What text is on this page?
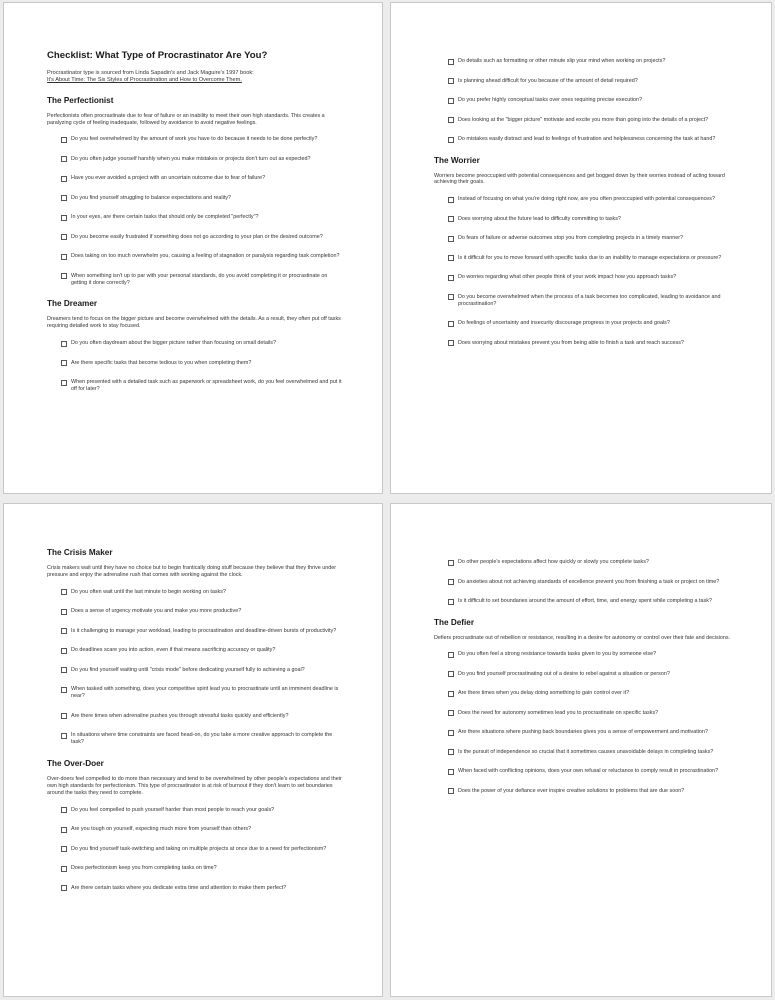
Checklist: What Type of Procrastinator Are You?
Procrastinator type is sourced from Linda Sapadin's and Jack Maguire's 1997 book:
It's About Time: The Six Styles of Procrastination and How to Overcome Them.
The Perfectionist
Perfectionists often procrastinate due to fear of failure or an inability to meet their own high standards. This creates a paralyzing cycle of feeling inadequate, followed by avoidance to avoid negative feelings.
Do you feel overwhelmed by the amount of work you have to do because it needs to be done perfectly?
Do you often judge yourself harshly when you make mistakes or projects don't turn out as expected?
Have you ever avoided a project with an uncertain outcome due to fear of failure?
Do you find yourself struggling to balance expectations and reality?
In your eyes, are there certain tasks that should only be completed "perfectly"?
Do you become easily frustrated if something does not go according to your plan or the desired outcome?
Does taking on too much overwhelm you, causing a feeling of stagnation or paralysis regarding task completion?
When something isn't up to par with your personal standards, do you avoid completing it or procrastinate on getting it done correctly?
The Dreamer
Dreamers tend to focus on the bigger picture and become overwhelmed with the details. As a result, they often put off tasks requiring detailed work to stay focused.
Do you often daydream about the bigger picture rather than focusing on small details?
Are there specific tasks that become tedious to you when completing them?
When presented with a detailed task such as paperwork or spreadsheet work, do you feel overwhelmed and put it off for later?
Do details such as formatting or other minute slip your mind when working on projects?
Is planning ahead difficult for you because of the amount of detail required?
Do you prefer highly conceptual tasks over ones requiring precise execution?
Does looking at the "bigger picture" motivate and excite you more than going into the details of a project?
Do mistakes easily distract and lead to feelings of frustration and helplessness concerning the task at hand?
The Worrier
Worriers become preoccupied with potential consequences and get bogged down by their worries instead of acting toward achieving their goals.
Instead of focusing on what you're doing right now, are you often preoccupied with potential consequences?
Does worrying about the future lead to difficulty committing to tasks?
Do fears of failure or adverse outcomes stop you from completing projects in a timely manner?
Is it difficult for you to move forward with specific tasks due to an inability to manage expectations or pressure?
Do worries regarding what other people think of your work impact how you approach tasks?
Do you become overwhelmed when the process of a task becomes too complicated, leading to avoidance and procrastination?
Do feelings of uncertainty and insecurity discourage progress in your projects and goals?
Does worrying about mistakes prevent you from being able to finish a task and reach success?
The Crisis Maker
Crisis makers wait until they have no choice but to begin frantically doing stuff because they believe that they thrive under pressure and enjoy the adrenaline rush that comes with working against the clock.
Do you often wait until the last minute to begin working on tasks?
Does a sense of urgency motivate you and make you more productive?
Is it challenging to manage your workload, leading to procrastination and deadline-driven bursts of productivity?
Do deadlines scare you into action, even if that means sacrificing accuracy or quality?
Do you find yourself waiting until "crisis mode" before dedicating yourself fully to achieving a goal?
When tasked with something, does your competitive spirit lead you to procrastinate until an imminent deadline is near?
Are there times when adrenaline pushes you through stressful tasks quickly and efficiently?
In situations where time constraints are faced head-on, do you take a more creative approach to complete the task?
The Over-Doer
Over-doers feel compelled to do more than necessary and tend to be overwhelmed by other people's expectations and their own high standards for perfectionism. This type of procrastinator is at risk of burnout if they don't learn to set boundaries around the tasks they need to complete.
Do you feel compelled to push yourself harder than most people to reach your goals?
Are you tough on yourself, expecting much more from yourself than others?
Do you find yourself task-switching and taking on multiple projects at once due to a need for perfectionism?
Does perfectionism keep you from completing tasks on time?
Are there certain tasks where you dedicate extra time and attention to make them perfect?
Do other people's expectations affect how quickly or slowly you complete tasks?
Do anxieties about not achieving standards of excellence prevent you from finishing a task or project on time?
Is it difficult to set boundaries around the amount of effort, time, and energy spent while completing a task?
The Defier
Defiers procrastinate out of rebellion or resistance, resulting in a desire for autonomy or control over their fate and decisions.
Do you often feel a strong resistance towards tasks given to you by someone else?
Do you find yourself procrastinating out of a desire to rebel against a situation or person?
Are there times when you delay doing something to gain control over it?
Does the need for autonomy sometimes lead you to procrastinate on specific tasks?
Are there situations where pushing back boundaries gives you a sense of empowerment and motivation?
Is the pursuit of independence so crucial that it sometimes causes unavoidable delays in completing tasks?
When faced with conflicting opinions, does your own refusal or reluctance to comply result in procrastination?
Does the power of your defiance ever inspire creative solutions to problems that are due soon?
